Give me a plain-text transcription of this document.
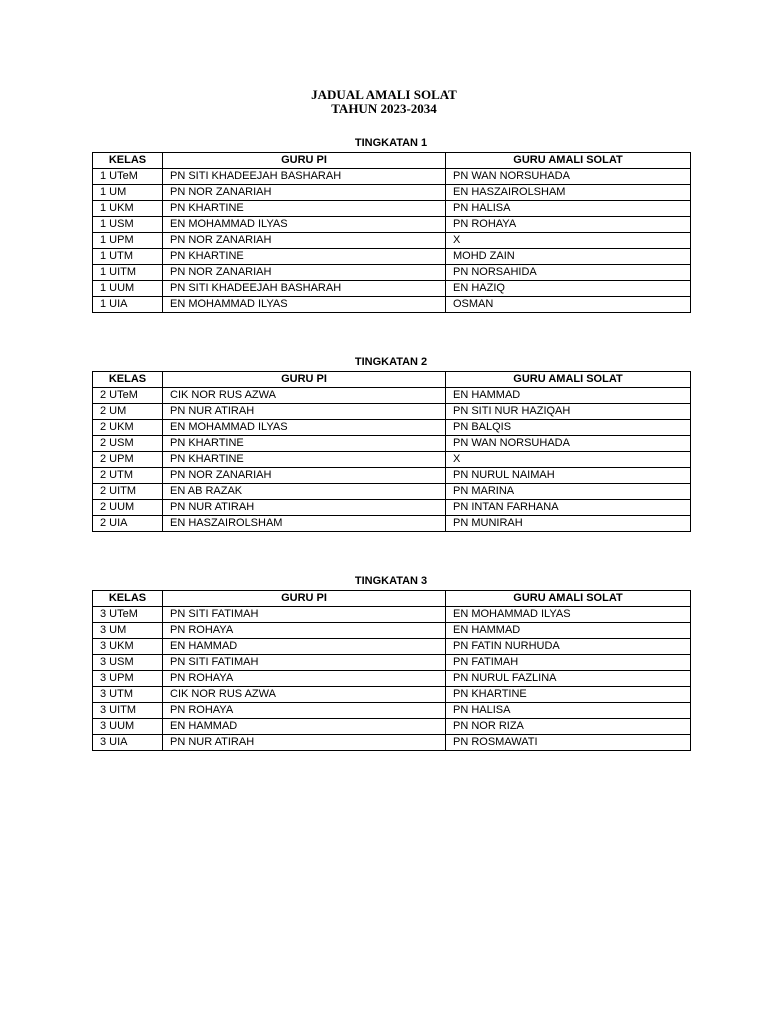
JADUAL AMALI SOLAT
TAHUN 2023-2034
TINGKATAN 1
KELAS	GURU PI	GURU AMALI SOLAT
1 UTeM	PN SITI KHADEEJAH BASHARAH	PN WAN NORSUHADA
1 UM	PN NOR ZANARIAH	EN HASZAIROLSHAM
1 UKM	PN KHARTINE	PN HALISA
1 USM	EN MOHAMMAD ILYAS	PN ROHAYA
1 UPM	PN NOR ZANARIAH	X
1 UTM	PN KHARTINE	MOHD ZAIN
1 UITM	PN NOR ZANARIAH	PN NORSAHIDA
1 UUM	PN SITI KHADEEJAH BASHARAH	EN HAZIQ
1 UIA	EN MOHAMMAD ILYAS	OSMAN
TINGKATAN 2
KELAS	GURU PI	GURU AMALI SOLAT
2 UTeM	CIK NOR RUS AZWA	EN HAMMAD
2 UM	PN NUR ATIRAH	PN SITI NUR HAZIQAH
2 UKM	EN MOHAMMAD ILYAS	PN BALQIS
2 USM	PN KHARTINE	PN WAN NORSUHADA
2 UPM	PN KHARTINE	X
2 UTM	PN NOR ZANARIAH	PN NURUL NAIMAH
2 UITM	EN AB RAZAK	PN MARINA
2 UUM	PN NUR ATIRAH	PN INTAN FARHANA
2 UIA	EN HASZAIROLSHAM	PN MUNIRAH
TINGKATAN 3
KELAS	GURU PI	GURU AMALI SOLAT
3 UTeM	PN SITI FATIMAH	EN MOHAMMAD ILYAS
3 UM	PN ROHAYA	EN HAMMAD
3 UKM	EN HAMMAD	PN FATIN NURHUDA
3 USM	PN SITI FATIMAH	PN FATIMAH
3 UPM	PN ROHAYA	PN NURUL FAZLINA
3 UTM	CIK NOR RUS AZWA	PN KHARTINE
3 UITM	PN ROHAYA	PN HALISA
3 UUM	EN HAMMAD	PN NOR RIZA
3 UIA	PN NUR ATIRAH	PN ROSMAWATI
